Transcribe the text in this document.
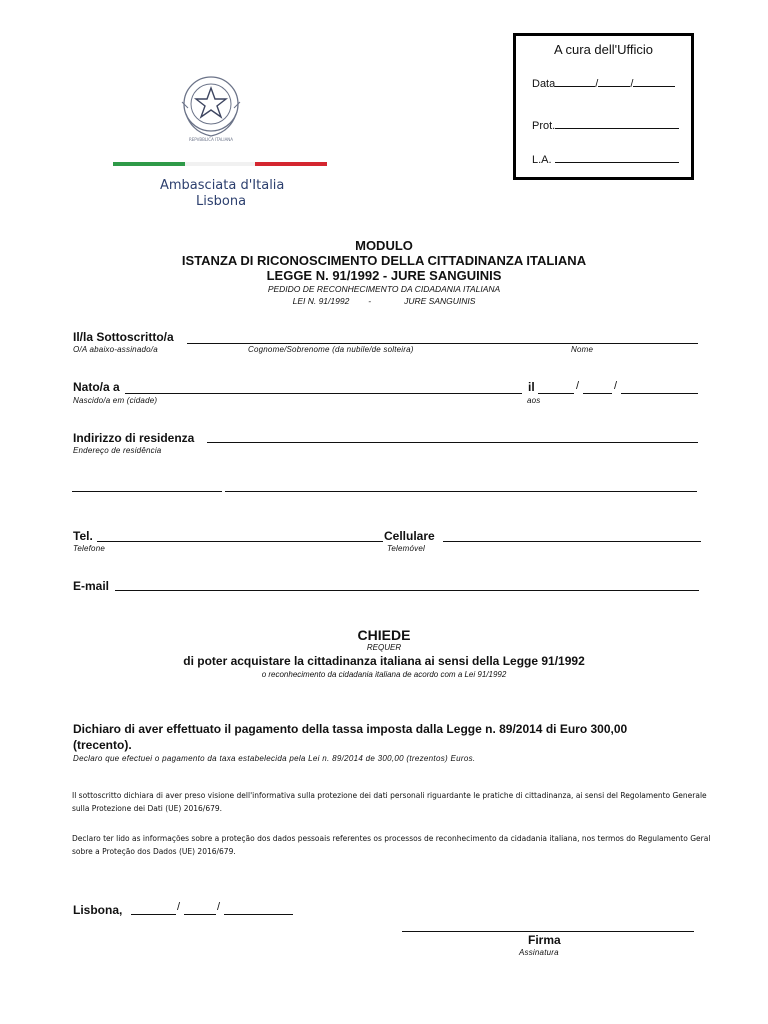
REPVBBLICA ITALIANA
Ambasciata d'Italia
Lisbona
A cura dell'Ufficio
Data	/	/
Prot.
L.A.
MODULO
ISTANZA DI RICONOSCIMENTO DELLA CITTADINANZA ITALIANA
LEGGE N. 91/1992 - JURE SANGUINIS
PEDIDO DE RECONHECIMENTO DA CIDADANIA ITALIANA
LEI N. 91/1992        -              JURE SANGUINIS
Il/la Sottoscritto/a
O/A abaixo-assinado/a	Cognome/Sobrenome (da nubile/de solteira)	Nome
Nato/a a	il	/	/
Nascido/a em (cidade)	aos
Indirizzo di residenza
Endereço de residência
Tel.	Cellulare
Telefone	Telemóvel
E-mail
CHIEDE
REQUER
di poter acquistare la cittadinanza italiana ai sensi della Legge 91/1992
o reconhecimento da cidadania italiana de acordo com a Lei 91/1992
Dichiaro di aver effettuato il pagamento della tassa imposta dalla Legge n. 89/2014 di Euro 300,00
(trecento).
Declaro que efectuei o pagamento da taxa estabelecida pela Lei n. 89/2014 de 300,00 (trezentos) Euros.
Il sottoscritto dichiara di aver preso visione dell'informativa sulla protezione dei dati personali riguardante le pratiche di cittadinanza, ai sensi del Regolamento Generale sulla Protezione dei Dati (UE) 2016/679.
Declaro ter lido as informações sobre a proteção dos dados pessoais referentes os processos de reconhecimento da cidadania italiana, nos termos do Regulamento Geral sobre a Proteção dos Dados (UE) 2016/679.
Lisbona,	/	/
Firma
Assinatura
